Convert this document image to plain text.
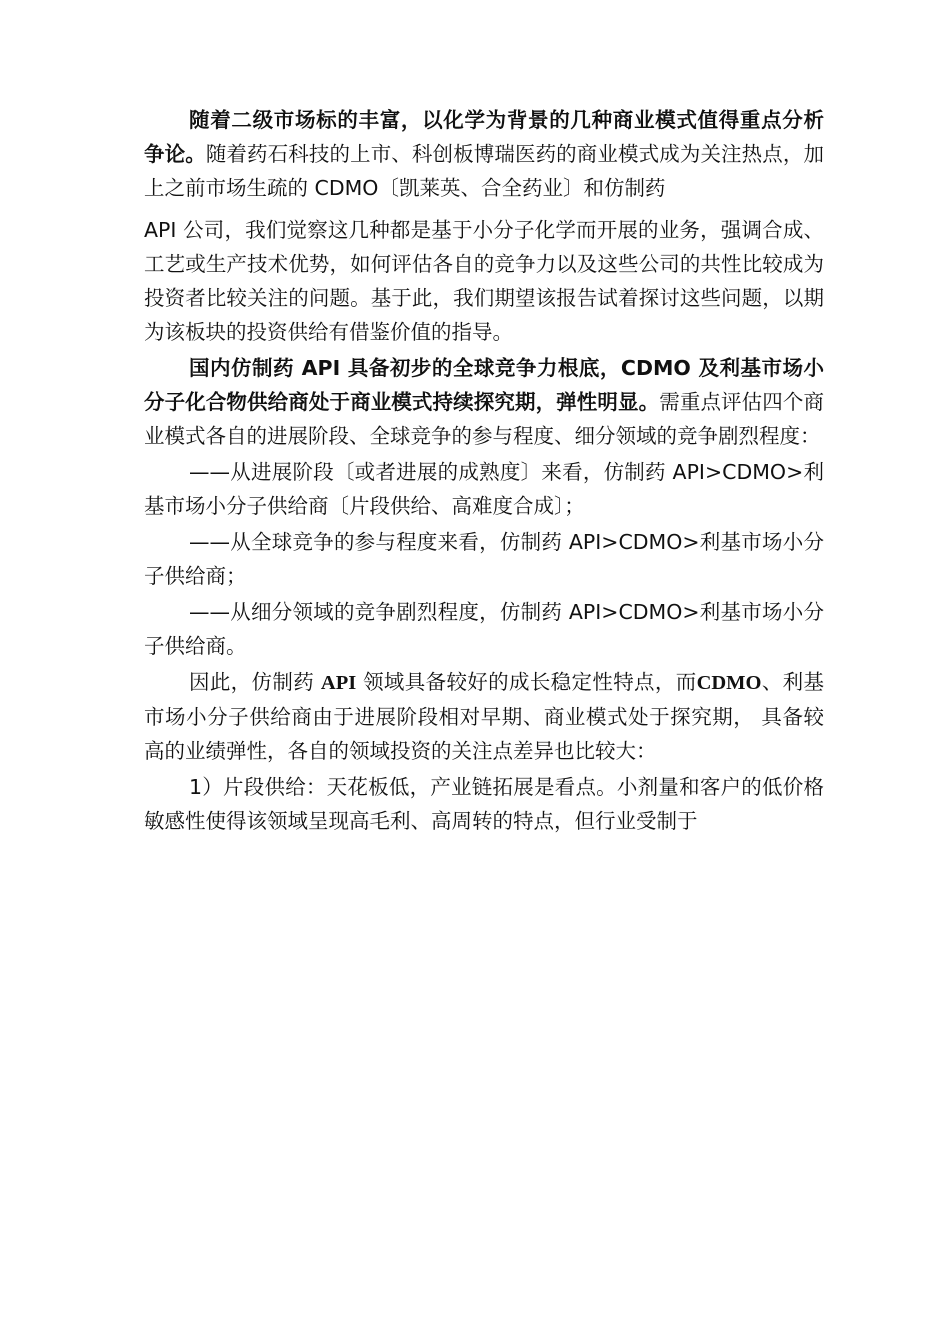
随着二级市场标的丰富，以化学为背景的几种商业模式值得重点分析争论。随着药石科技的上市、科创板博瑞医药的商业模式成为关注热点，加上之前市场生疏的 CDMO〔凯莱英、合全药业〕和仿制药

API 公司，我们觉察这几种都是基于小分子化学而开展的业务，强调合成、工艺或生产技术优势，如何评估各自的竞争力以及这些公司的共性比较成为投资者比较关注的问题。基于此，我们期望该报告试着探讨这些问题，以期为该板块的投资供给有借鉴价值的指导。

国内仿制药 API 具备初步的全球竞争力根底，CDMO 及利基市场小分子化合物供给商处于商业模式持续探究期，弹性明显。需重点评估四个商业模式各自的进展阶段、全球竞争的参与程度、细分领域的竞争剧烈程度：

——从进展阶段〔或者进展的成熟度〕来看，仿制药 API>CDMO>利基市场小分子供给商〔片段供给、高难度合成〕；

——从全球竞争的参与程度来看，仿制药 API>CDMO>利基市场小分子供给商；

——从细分领域的竞争剧烈程度，仿制药 API>CDMO>利基市场小分子供给商。

因此，仿制药 API 领域具备较好的成长稳定性特点，而CDMO、利基市场小分子供给商由于进展阶段相对早期、商业模式处于探究期， 具备较高的业绩弹性，各自的领域投资的关注点差异也比较大：

1）片段供给：天花板低，产业链拓展是看点。小剂量和客户的低价格敏感性使得该领域呈现高毛利、高周转的特点，但行业受制于
